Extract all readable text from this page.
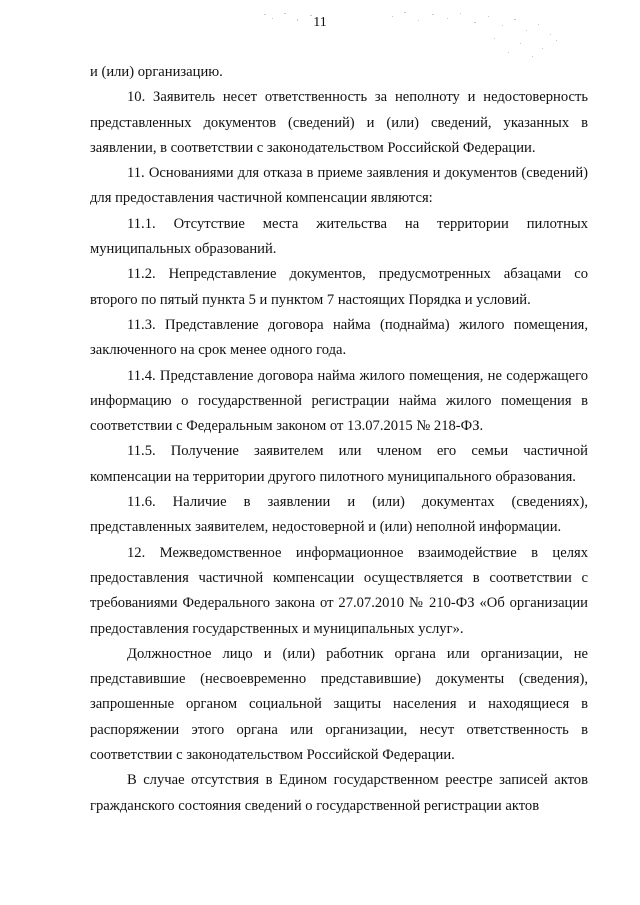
11

и (или) организацию.

10. Заявитель несет ответственность за неполноту и недостоверность представленных документов (сведений) и (или) сведений, указанных в заявлении, в соответствии с законодательством Российской Федерации.

11. Основаниями для отказа в приеме заявления и документов (сведений) для предоставления частичной компенсации являются:

11.1. Отсутствие места жительства на территории пилотных муниципальных образований.

11.2. Непредставление документов, предусмотренных абзацами со второго по пятый пункта 5 и пунктом 7 настоящих Порядка и условий.

11.3. Представление договора найма (поднайма) жилого помещения, заключенного на срок менее одного года.

11.4. Представление договора найма жилого помещения, не содержащего информацию о государственной регистрации найма жилого помещения в соответствии с Федеральным законом от 13.07.2015 № 218-ФЗ.

11.5. Получение заявителем или членом его семьи частичной компенсации на территории другого пилотного муниципального образования.

11.6. Наличие в заявлении и (или) документах (сведениях), представленных заявителем, недостоверной и (или) неполной информации.

12. Межведомственное информационное взаимодействие в целях предоставления частичной компенсации осуществляется в соответствии с требованиями Федерального закона от 27.07.2010 № 210-ФЗ «Об организации предоставления государственных и муниципальных услуг».

Должностное лицо и (или) работник органа или организации, не представившие (несвоевременно представившие) документы (сведения), запрошенные органом социальной защиты населения и находящиеся в распоряжении этого органа или организации, несут ответственность в соответствии с законодательством Российской Федерации.

В случае отсутствия в Едином государственном реестре записей актов гражданского состояния сведений о государственной регистрации актов
